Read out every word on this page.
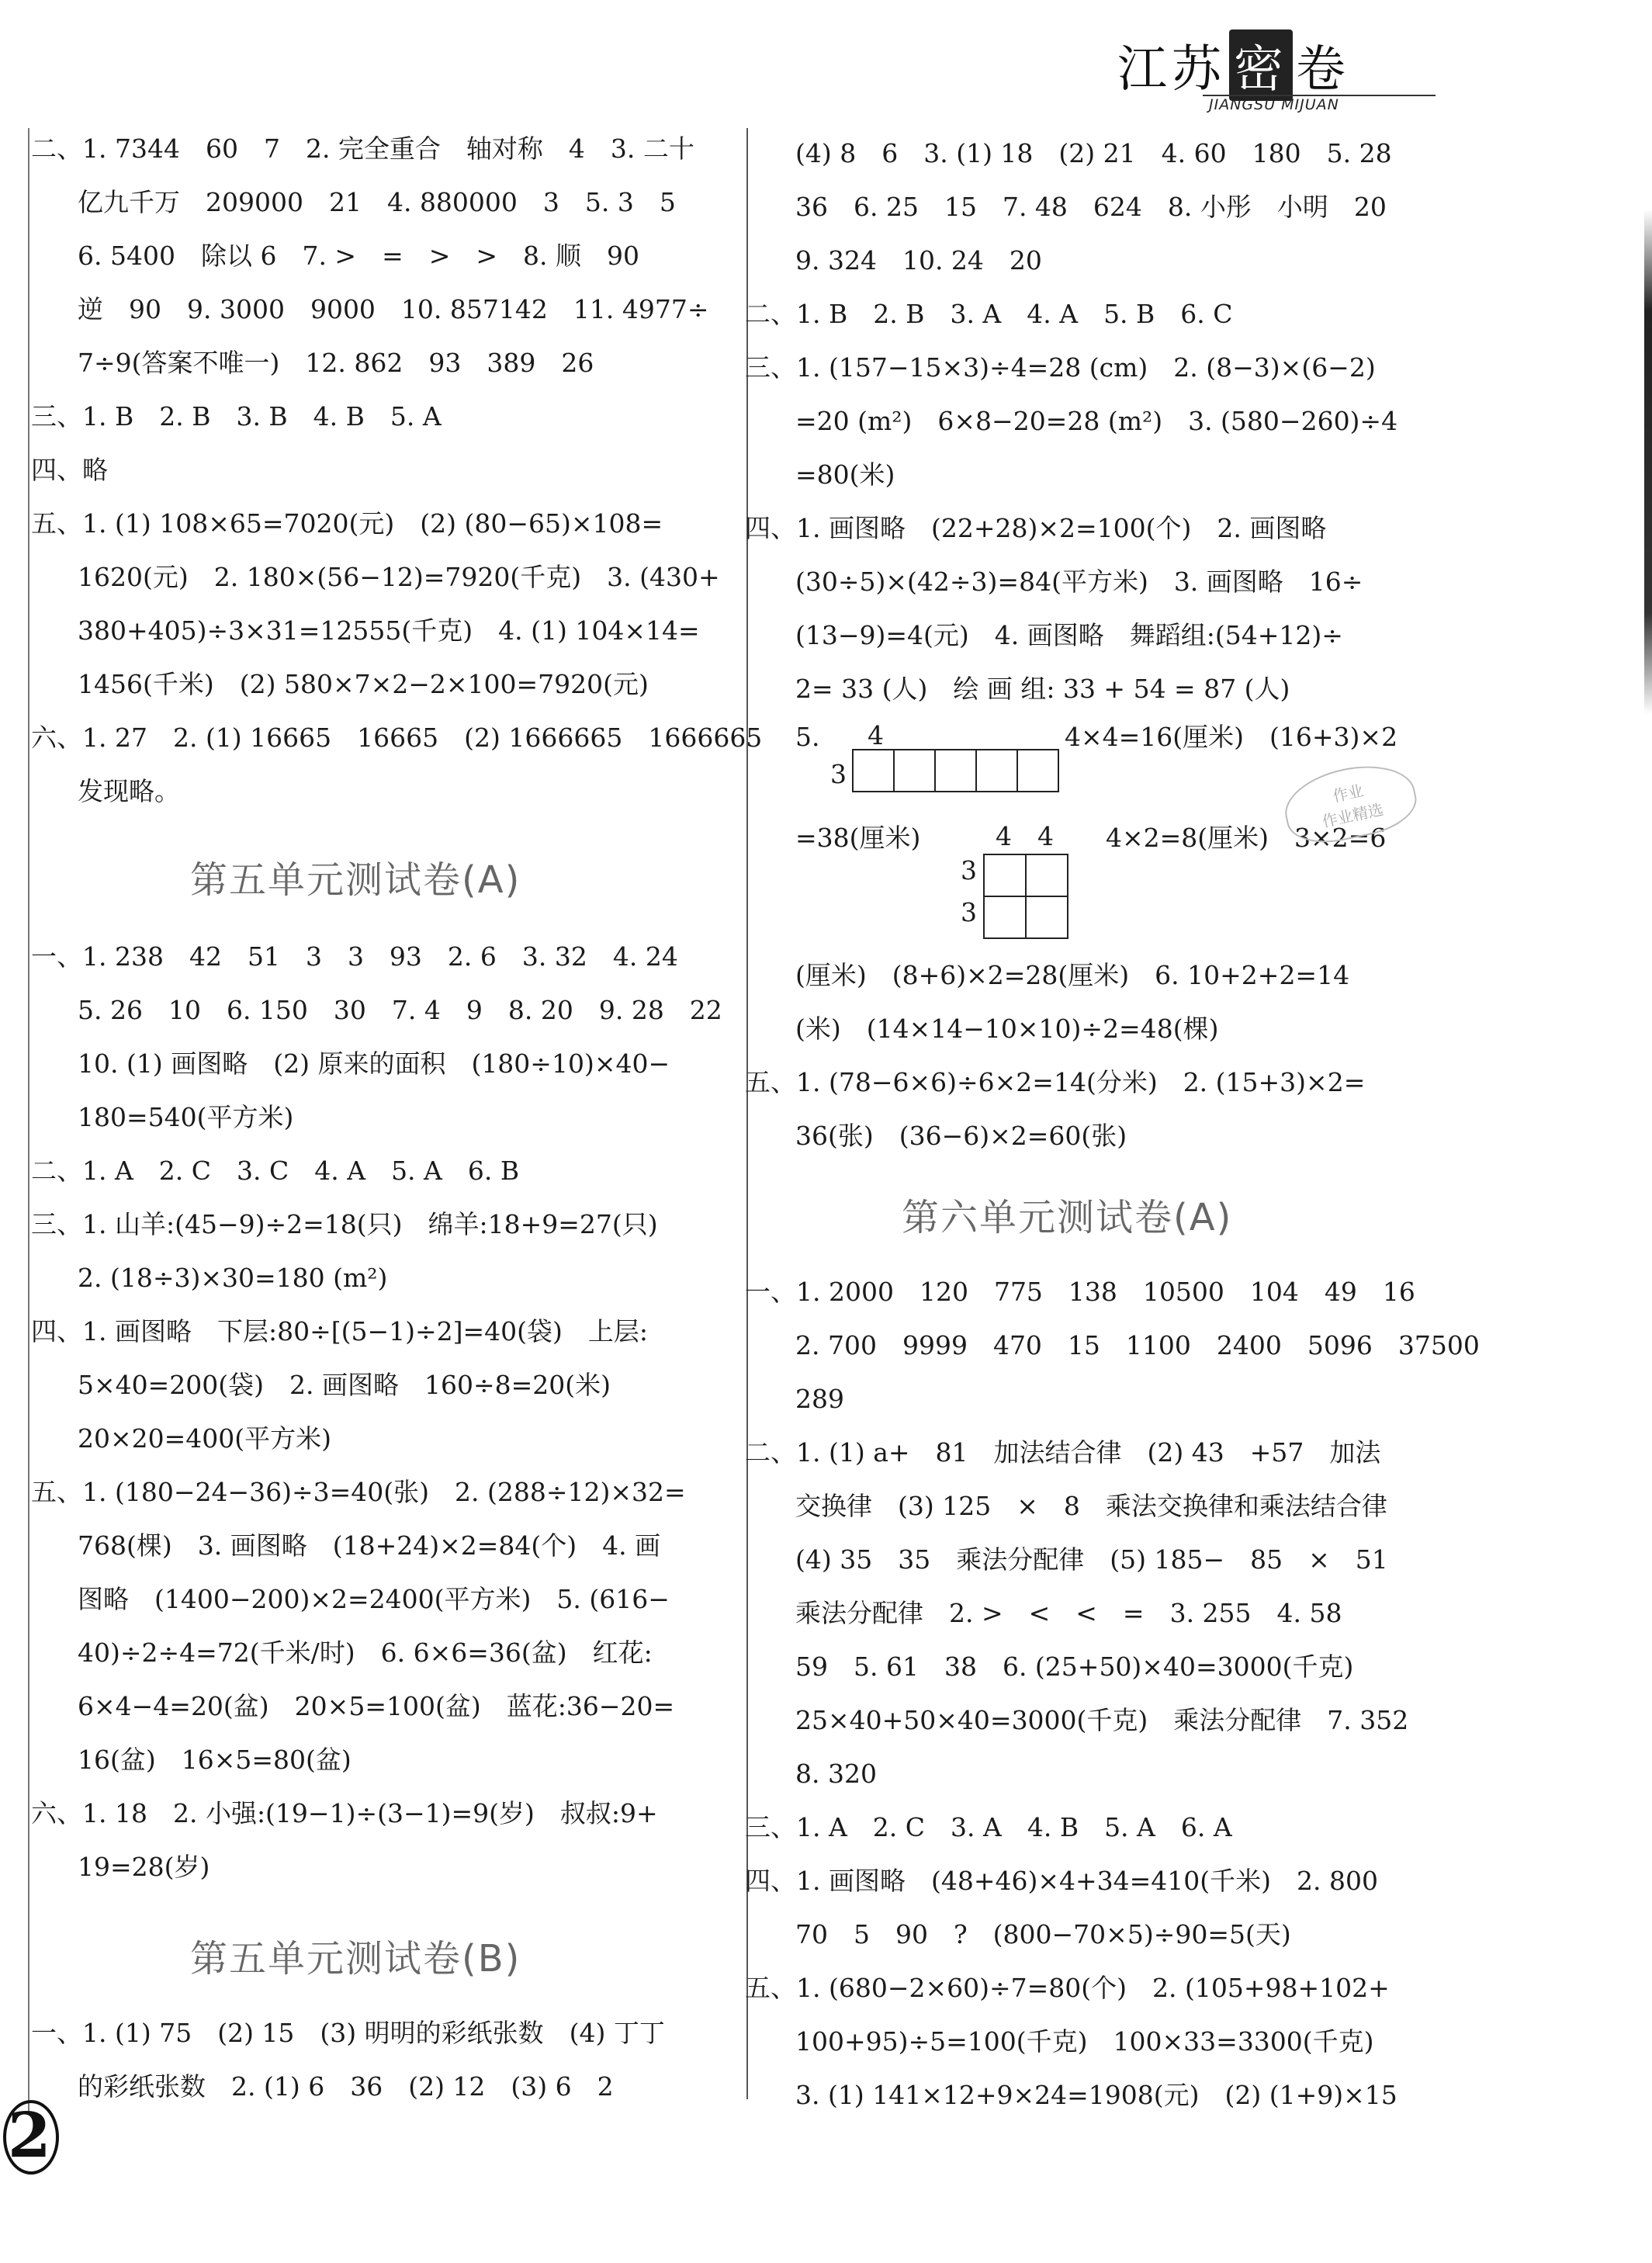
江苏 密 卷
JIANGSU MIJUAN
二、1. 7344　60　7　2. 完全重合　轴对称　4　3. 二十
亿九千万　209000　21　4. 880000　3　5. 3　5
6. 5400　除以 6　7. >　=　>　>　8. 顺　90
逆　90　9. 3000　9000　10. 857142　11. 4977÷
7÷9(答案不唯一)　12. 862　93　389　26
三、1. B　2. B　3. B　4. B　5. A
四、略
五、1. (1) 108×65=7020(元)　(2) (80−65)×108=
1620(元)　2. 180×(56−12)=7920(千克)　3. (430+
380+405)÷3×31=12555(千克)　4. (1) 104×14=
1456(千米)　(2) 580×7×2−2×100=7920(元)
六、1. 27　2. (1) 16665　16665　(2) 1666665　1666665
发现略。
第五单元测试卷(A)
一、1. 238　42　51　3　3　93　2. 6　3. 32　4. 24
5. 26　10　6. 150　30　7. 4　9　8. 20　9. 28　22
10. (1) 画图略　(2) 原来的面积　(180÷10)×40−
180=540(平方米)
二、1. A　2. C　3. C　4. A　5. A　6. B
三、1. 山羊:(45−9)÷2=18(只)　绵羊:18+9=27(只)
2. (18÷3)×30=180 (m²)
四、1. 画图略　下层:80÷[(5−1)÷2]=40(袋)　上层:
5×40=200(袋)　2. 画图略　160÷8=20(米)
20×20=400(平方米)
五、1. (180−24−36)÷3=40(张)　2. (288÷12)×32=
768(棵)　3. 画图略　(18+24)×2=84(个)　4. 画
图略　(1400−200)×2=2400(平方米)　5. (616−
40)÷2÷4=72(千米/时)　6. 6×6=36(盆)　红花:
6×4−4=20(盆)　20×5=100(盆)　蓝花:36−20=
16(盆)　16×5=80(盆)
六、1. 18　2. 小强:(19−1)÷(3−1)=9(岁)　叔叔:9+
19=28(岁)
第五单元测试卷(B)
一、1. (1) 75　(2) 15　(3) 明明的彩纸张数　(4) 丁丁
的彩纸张数　2. (1) 6　36　(2) 12　(3) 6　2
(4) 8　6　3. (1) 18　(2) 21　4. 60　180　5. 28
36　6. 25　15　7. 48　624　8. 小彤　小明　20
9. 324　10. 24　20
二、1. B　2. B　3. A　4. A　5. B　6. C
三、1. (157−15×3)÷4=28 (cm)　2. (8−3)×(6−2)
=20 (m²)　6×8−20=28 (m²)　3. (580−260)÷4
=80(米)
四、1. 画图略　(22+28)×2=100(个)　2. 画图略
(30÷5)×(42÷3)=84(平方米)　3. 画图略　16÷
(13−9)=4(元)　4. 画图略　舞蹈组:(54+12)÷
2= 33 (人)　绘 画 组: 33 + 54 = 87 (人)
5. 4
3
4×4=16(厘米)　(16+3)×2
=38(厘米)	4 4
3
3
4×2=8(厘米)　3×2=6
(厘米)　(8+6)×2=28(厘米)　6. 10+2+2=14
(米)　(14×14−10×10)÷2=48(棵)
五、1. (78−6×6)÷6×2=14(分米)　2. (15+3)×2=
36(张)　(36−6)×2=60(张)
第六单元测试卷(A)
一、1. 2000　120　775　138　10500　104　49　16
2. 700　9999　470　15　1100　2400　5096　37500
289
二、1. (1) a+　81　加法结合律　(2) 43　+57　加法
交换律　(3) 125　×　8　乘法交换律和乘法结合律
(4) 35　35　乘法分配律　(5) 185−　85　×　51
乘法分配律　2. >　<　<　=　3. 255　4. 58
59　5. 61　38　6. (25+50)×40=3000(千克)
25×40+50×40=3000(千克)　乘法分配律　7. 352
8. 320
三、1. A　2. C　3. A　4. B　5. A　6. A
四、1. 画图略　(48+46)×4+34=410(千米)　2. 800
70　5　90　?　(800−70×5)÷90=5(天)
五、1. (680−2×60)÷7=80(个)　2. (105+98+102+
100+95)÷5=100(千克)　100×33=3300(千克)
3. (1) 141×12+9×24=1908(元)　(2) (1+9)×15
作业
作业精选
2
